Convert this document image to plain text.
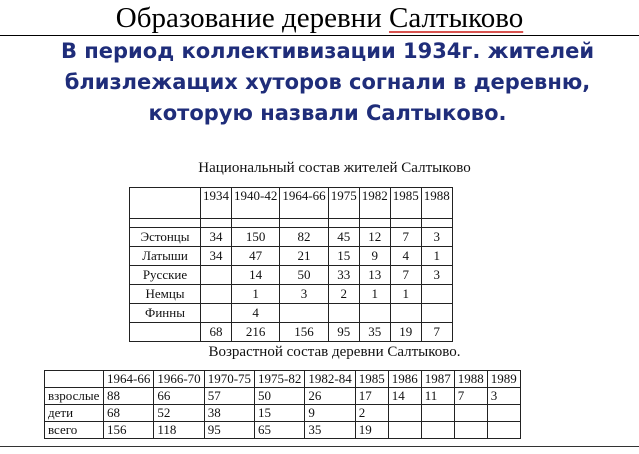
Образование деревни Салтыково
В период коллективизации 1934г. жителей близлежащих хуторов согнали в деревню, которую назвали Салтыково.
Национальный состав жителей Салтыково
	1934	1940-42	1964-66	1975	1982	1985	1988

Эстонцы	34	150	82	45	12	7	3
Латыши	34	47	21	15	9	4	1
Русские		14	50	33	13	7	3
Немцы		1	3	2	1	1	
Финны		4					
	68	216	156	95	35	19	7
Возрастной состав деревни Салтыково.
	1964-66	1966-70	1970-75	1975-82	1982-84	1985	1986	1987	1988	1989
взрослые	88	66	57	50	26	17	14	11	7	3
дети	68	52	38	15	9	2				
всего	156	118	95	65	35	19				
